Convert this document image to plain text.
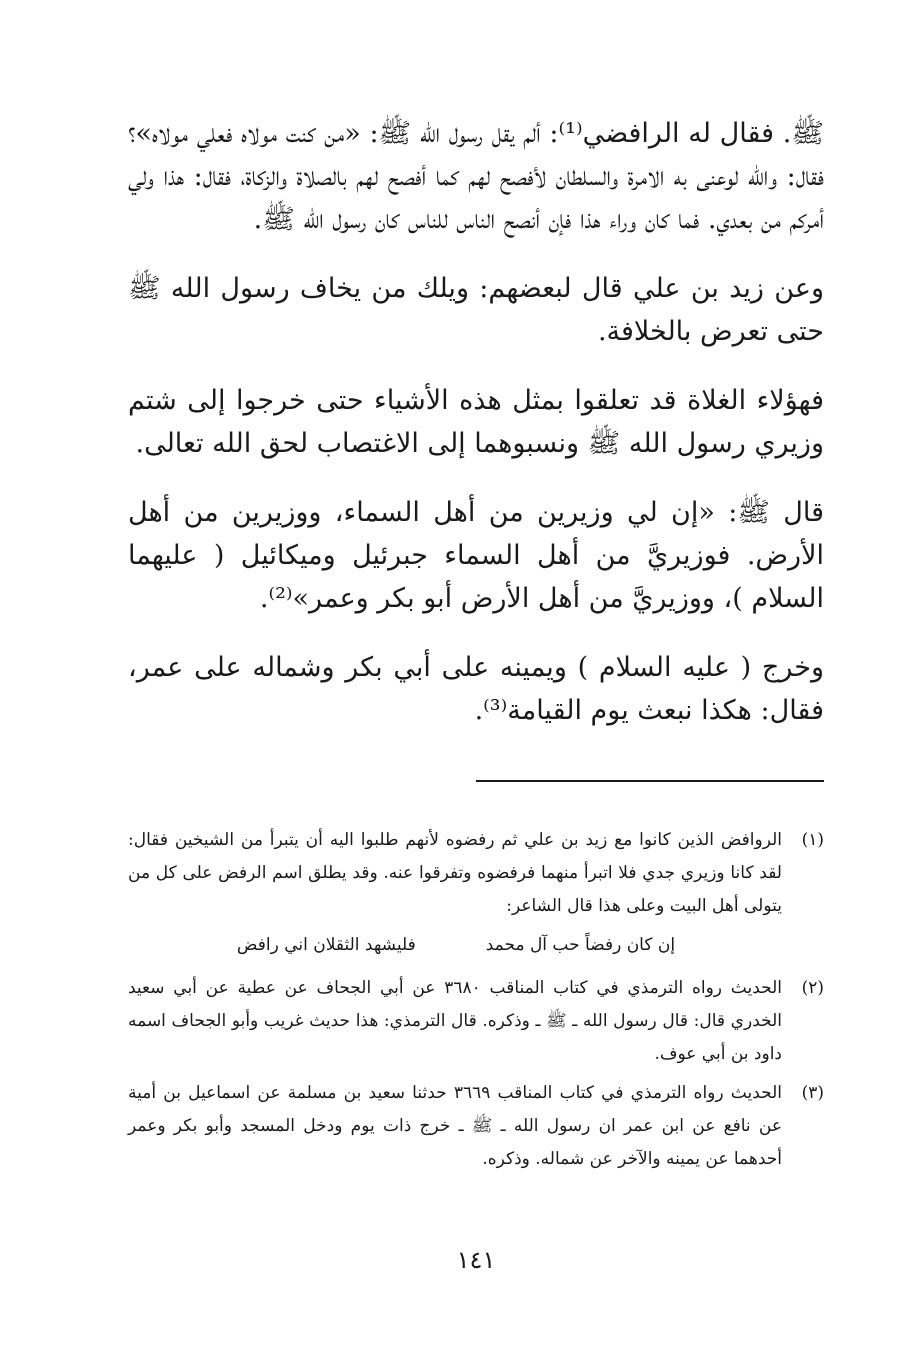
ﷺ. فقال له الرافضي⁽¹⁾: ألم يقل رسول الله ﷺ: «من كنت مولاه فعلي مولاه»؟ فقال: والله لوعنى به الامرة والسلطان لأفصح لهم كما أفصح لهم بالصلاة والزكاة، فقال: هذا ولي أمركم من بعدي. فما كان وراء هذا فإن أنصح الناس للناس كان رسول الله ﷺ.

وعن زيد بن علي قال لبعضهم: ويلك من يخاف رسول الله ﷺ حتى تعرض بالخلافة.

فهؤلاء الغلاة قد تعلقوا بمثل هذه الأشياء حتى خرجوا إلى شتم وزيري رسول الله ﷺ ونسبوهما إلى الاغتصاب لحق الله تعالى.

قال ﷺ: «إن لي وزيرين من أهل السماء، ووزيرين من أهل الأرض. فوزيريَّ من أهل السماء جبرئيل وميكائيل ( عليهما السلام )، ووزيريَّ من أهل الأرض أبو بكر وعمر»⁽²⁾.

وخرج ( عليه السلام ) ويمينه على أبي بكر وشماله على عمر، فقال: هكذا نبعث يوم القيامة⁽³⁾.

(١)
الروافض الذين كانوا مع زيد بن علي ثم رفضوه لأنهم طلبوا اليه أن يتبرأ من الشيخين فقال: لقد كانا وزيري جدي فلا اتبرأ منهما فرفضوه وتفرقوا عنه. وقد يطلق اسم الرفض على كل من يتولى أهل البيت وعلى هذا قال الشاعر:
إن كان رفضاً حب آل محمد
فليشهد الثقلان اني رافض
(٢)
الحديث رواه الترمذي في كتاب المناقب ٣٦٨٠ عن أبي الجحاف عن عطية عن أبي سعيد الخدري قال: قال رسول الله ـ ﷺ ـ وذكره. قال الترمذي: هذا حديث غريب وأبو الجحاف اسمه داود بن أبي عوف.
(٣)
الحديث رواه الترمذي في كتاب المناقب ٣٦٦٩ حدثنا سعيد بن مسلمة عن اسماعيل بن أمية عن نافع عن ابن عمر ان رسول الله ـ ﷺ ـ خرج ذات يوم ودخل المسجد وأبو بكر وعمر أحدهما عن يمينه والآخر عن شماله. وذكره.
١٤١
